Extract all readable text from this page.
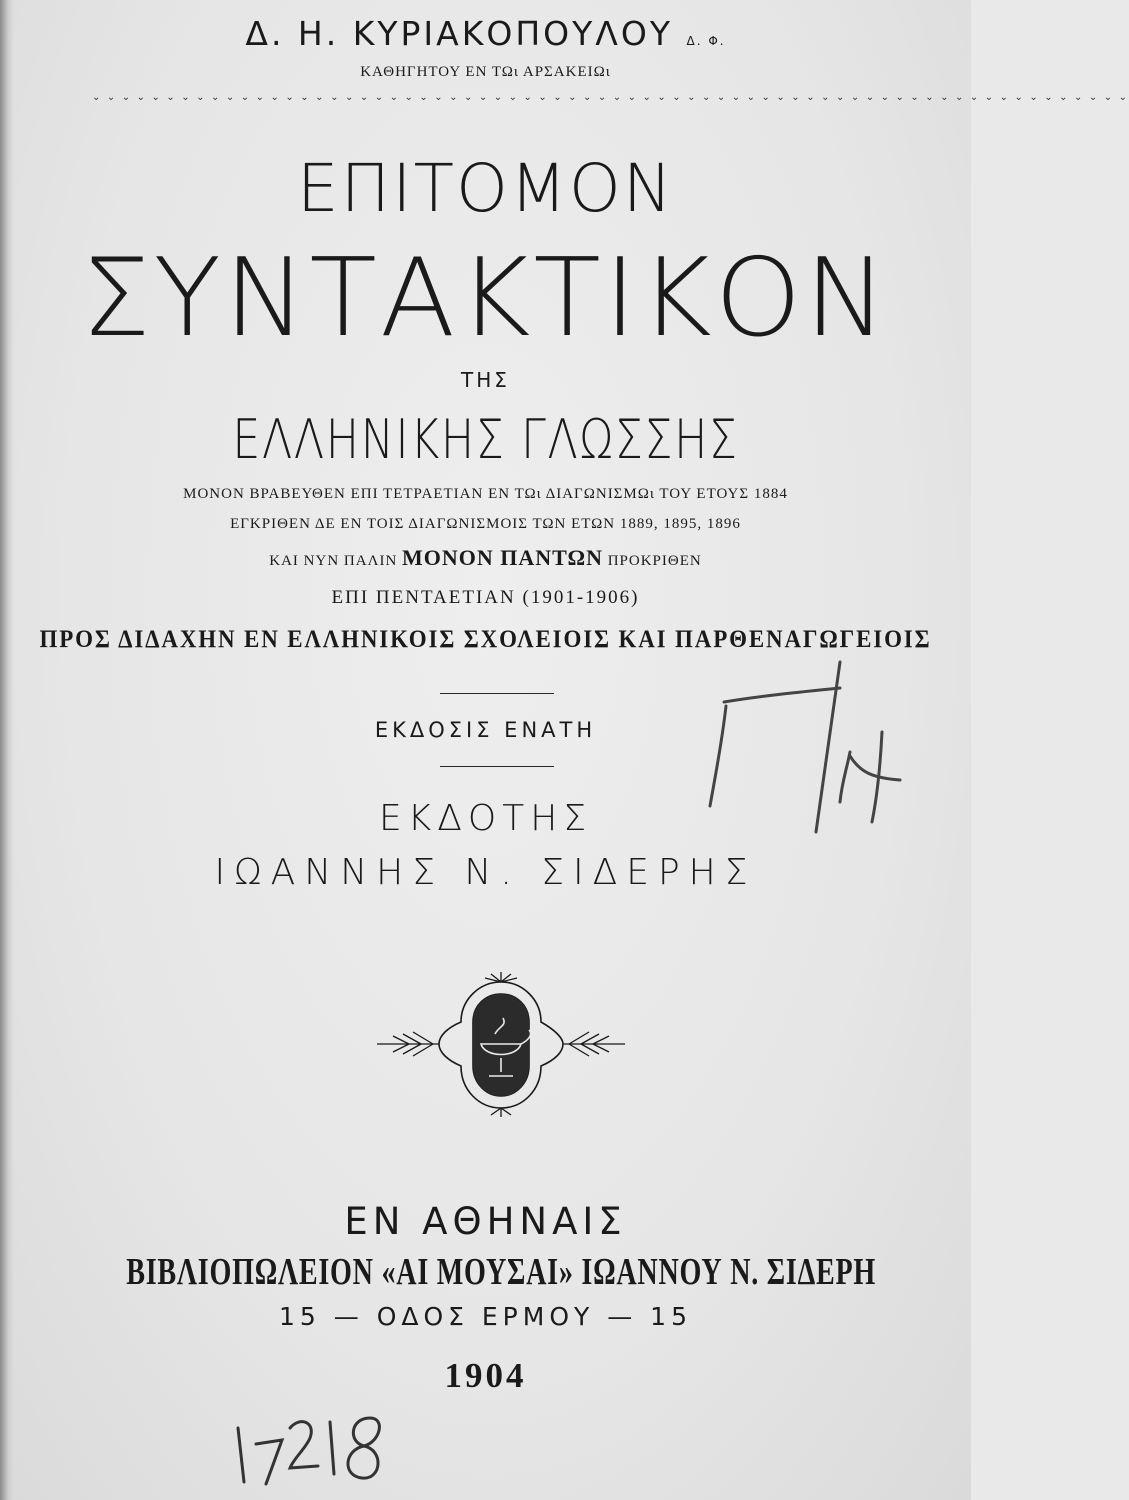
Δ. Η. ΚΥΡΙΑΚΟΠΟΥΛΟΥ Δ. Φ.
ΚΑΘΗΓΗΤΟΥ ΕΝ ΤΩι ΑΡΣΑΚΕΙΩι
⌄ ⌄ ⌄ ⌄ ⌄ ⌄ ⌄ ⌄ ⌄ ⌄ ⌄ ⌄ ⌄ ⌄ ⌄ ⌄ ⌄ ⌄ ⌄ ⌄ ⌄ ⌄ ⌄ ⌄ ⌄ ⌄ ⌄ ⌄ ⌄ ⌄ ⌄ ⌄ ⌄ ⌄ ⌄ ⌄ ⌄ ⌄ ⌄ ⌄ ⌄ ⌄ ⌄ ⌄ ⌄ ⌄ ⌄ ⌄ ⌄ ⌄ ⌄ ⌄ ⌄ ⌄ ⌄ ⌄ ⌄ ⌄ ⌄ ⌄ ⌄ ⌄ ⌄ ⌄ ⌄ ⌄ ⌄ ⌄ ⌄ ⌄
ΕΠΙΤΟΜΟΝ
ΣΥΝΤΑΚΤΙΚΟΝ
ΤΗΣ
ΕΛΛΗΝΙΚΗΣ ΓΛΩΣΣΗΣ
ΜΟΝΟΝ ΒΡΑΒΕΥΘΕΝ ΕΠΙ ΤΕΤΡΑΕΤΙΑΝ ΕΝ ΤΩι ΔΙΑΓΩΝΙΣΜΩι ΤΟΥ ΕΤΟΥΣ 1884
ΕΓΚΡΙΘΕΝ ΔΕ ΕΝ ΤΟΙΣ ΔΙΑΓΩΝΙΣΜΟΙΣ ΤΩΝ ΕΤΩΝ 1889, 1895, 1896
ΚΑΙ ΝΥΝ ΠΑΛΙΝ ΜΟΝΟΝ ΠΑΝΤΩΝ ΠΡΟΚΡΙΘΕΝ
ΕΠΙ ΠΕΝΤΑΕΤΙΑΝ (1901-1906)
ΠΡΟΣ ΔΙΔΑΧΗΝ ΕΝ ΕΛΛΗΝΙΚΟΙΣ ΣΧΟΛΕΙΟΙΣ ΚΑΙ ΠΑΡΘΕΝΑΓΩΓΕΙΟΙΣ
ΕΚΔΟΣΙΣ ΕΝΑΤΗ
ΕΚΔΟΤΗΣ
ΙΩΑΝΝΗΣ Ν. ΣΙΔΕΡΗΣ
ΕΝ ΑΘΗΝΑΙΣ
ΒΙΒΛΙΟΠΩΛΕΙΟΝ «ΑΙ ΜΟΥΣΑΙ» ΙΩΑΝΝΟΥ Ν. ΣΙΔΕΡΗ
15 — ΟΔΟΣ ΕΡΜΟΥ — 15
1904
